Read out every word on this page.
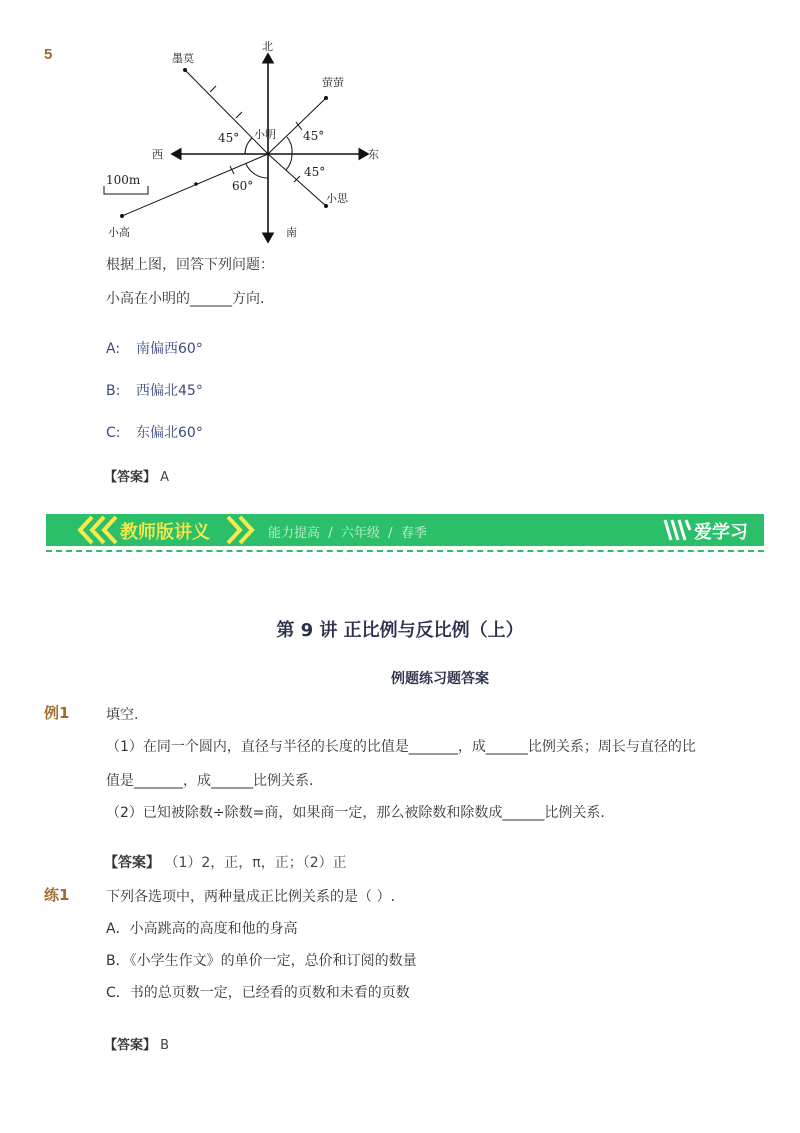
5	北
南
东
西
小明
墨莫
萤萤
小思
小高
45°	45°
45°
60°
100m
根据上图，回答下列问题：
小高在小明的______方向.
A: 南偏西60°
B: 西偏北45°
C: 东偏北60°
【答案】 A
教师版讲义	能力提高  /  六年级  /  春季	爱学习
第 9 讲 正比例与反比例（上）
例题练习题答案
例1	填空.
（1）在同一个圆内，直径与半径的长度的比值是_______，成______比例关系；周长与直径的比
值是_______，成______比例关系.
（2）已知被除数÷除数=商，如果商一定，那么被除数和除数成______比例关系.
【答案】 （1）2，正，π，正；（2）正
练1	下列各选项中，两种量成正比例关系的是（ ）.
A．小高跳高的高度和他的身高
B．《小学生作文》的单价一定，总价和订阅的数量
C．书的总页数一定，已经看的页数和未看的页数
【答案】 B
